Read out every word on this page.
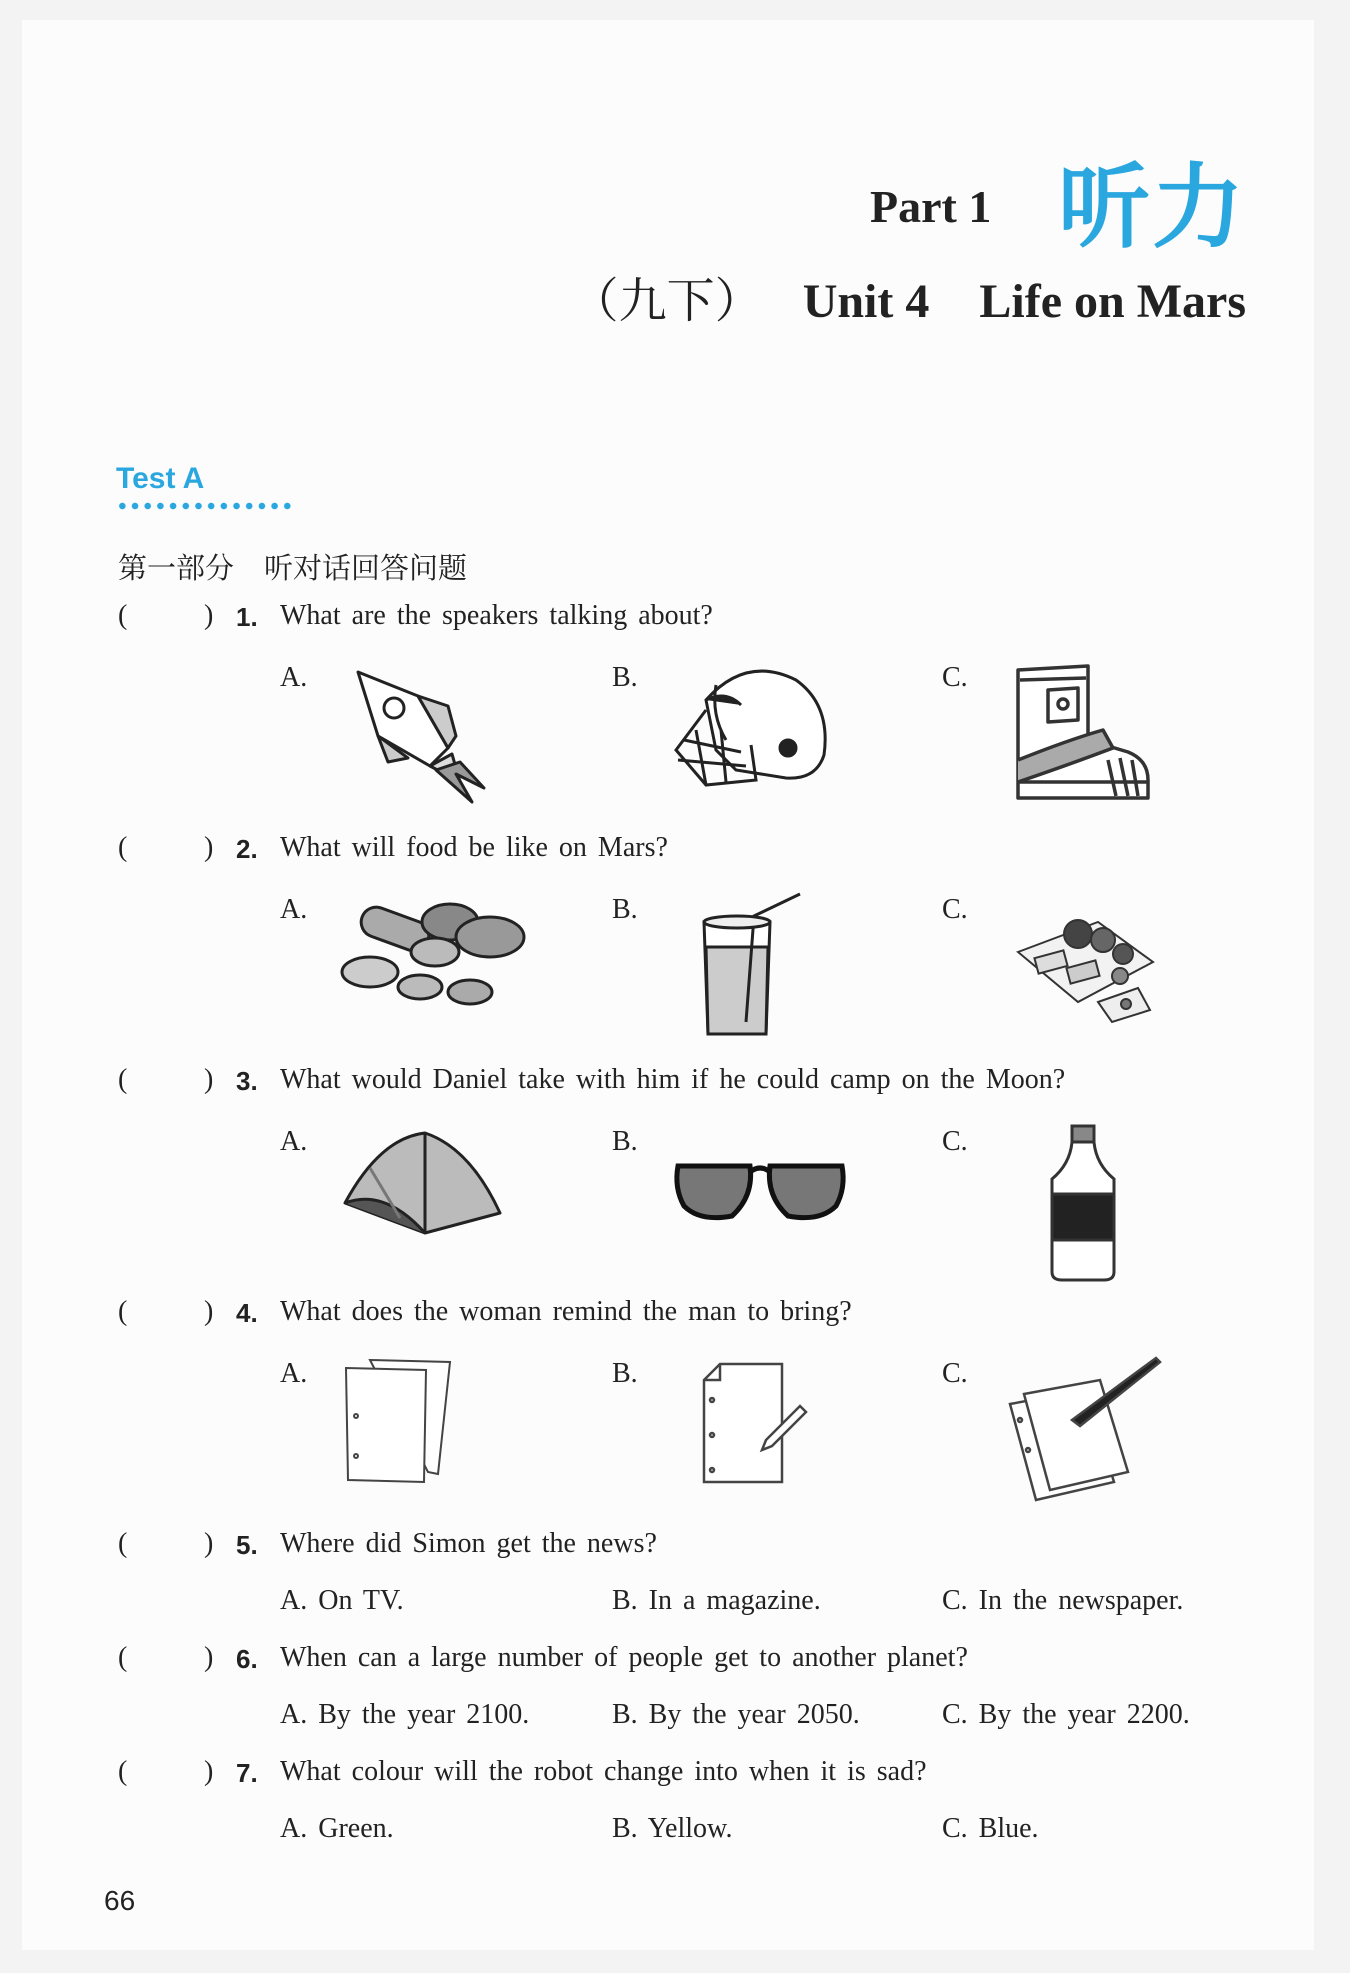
Part 1 听力
（九下） Unit 4 Life on Mars
Test A
第一部分 听对话回答问题
(	) 1. What are the speakers talking about?
A.	B.	C.
(	) 2. What will food be like on Mars?
A.	B.	C.
(	) 3. What would Daniel take with him if he could camp on the Moon?
A.	B.	C.
(	) 4. What does the woman remind the man to bring?
A.	B.	C.
(	) 5. Where did Simon get the news?
A. On TV.	B. In a magazine.	C. In the newspaper.
(	) 6. When can a large number of people get to another planet?
A. By the year 2100.	B. By the year 2050.	C. By the year 2200.
(	) 7. What colour will the robot change into when it is sad?
A. Green.	B. Yellow.	C. Blue.
66
